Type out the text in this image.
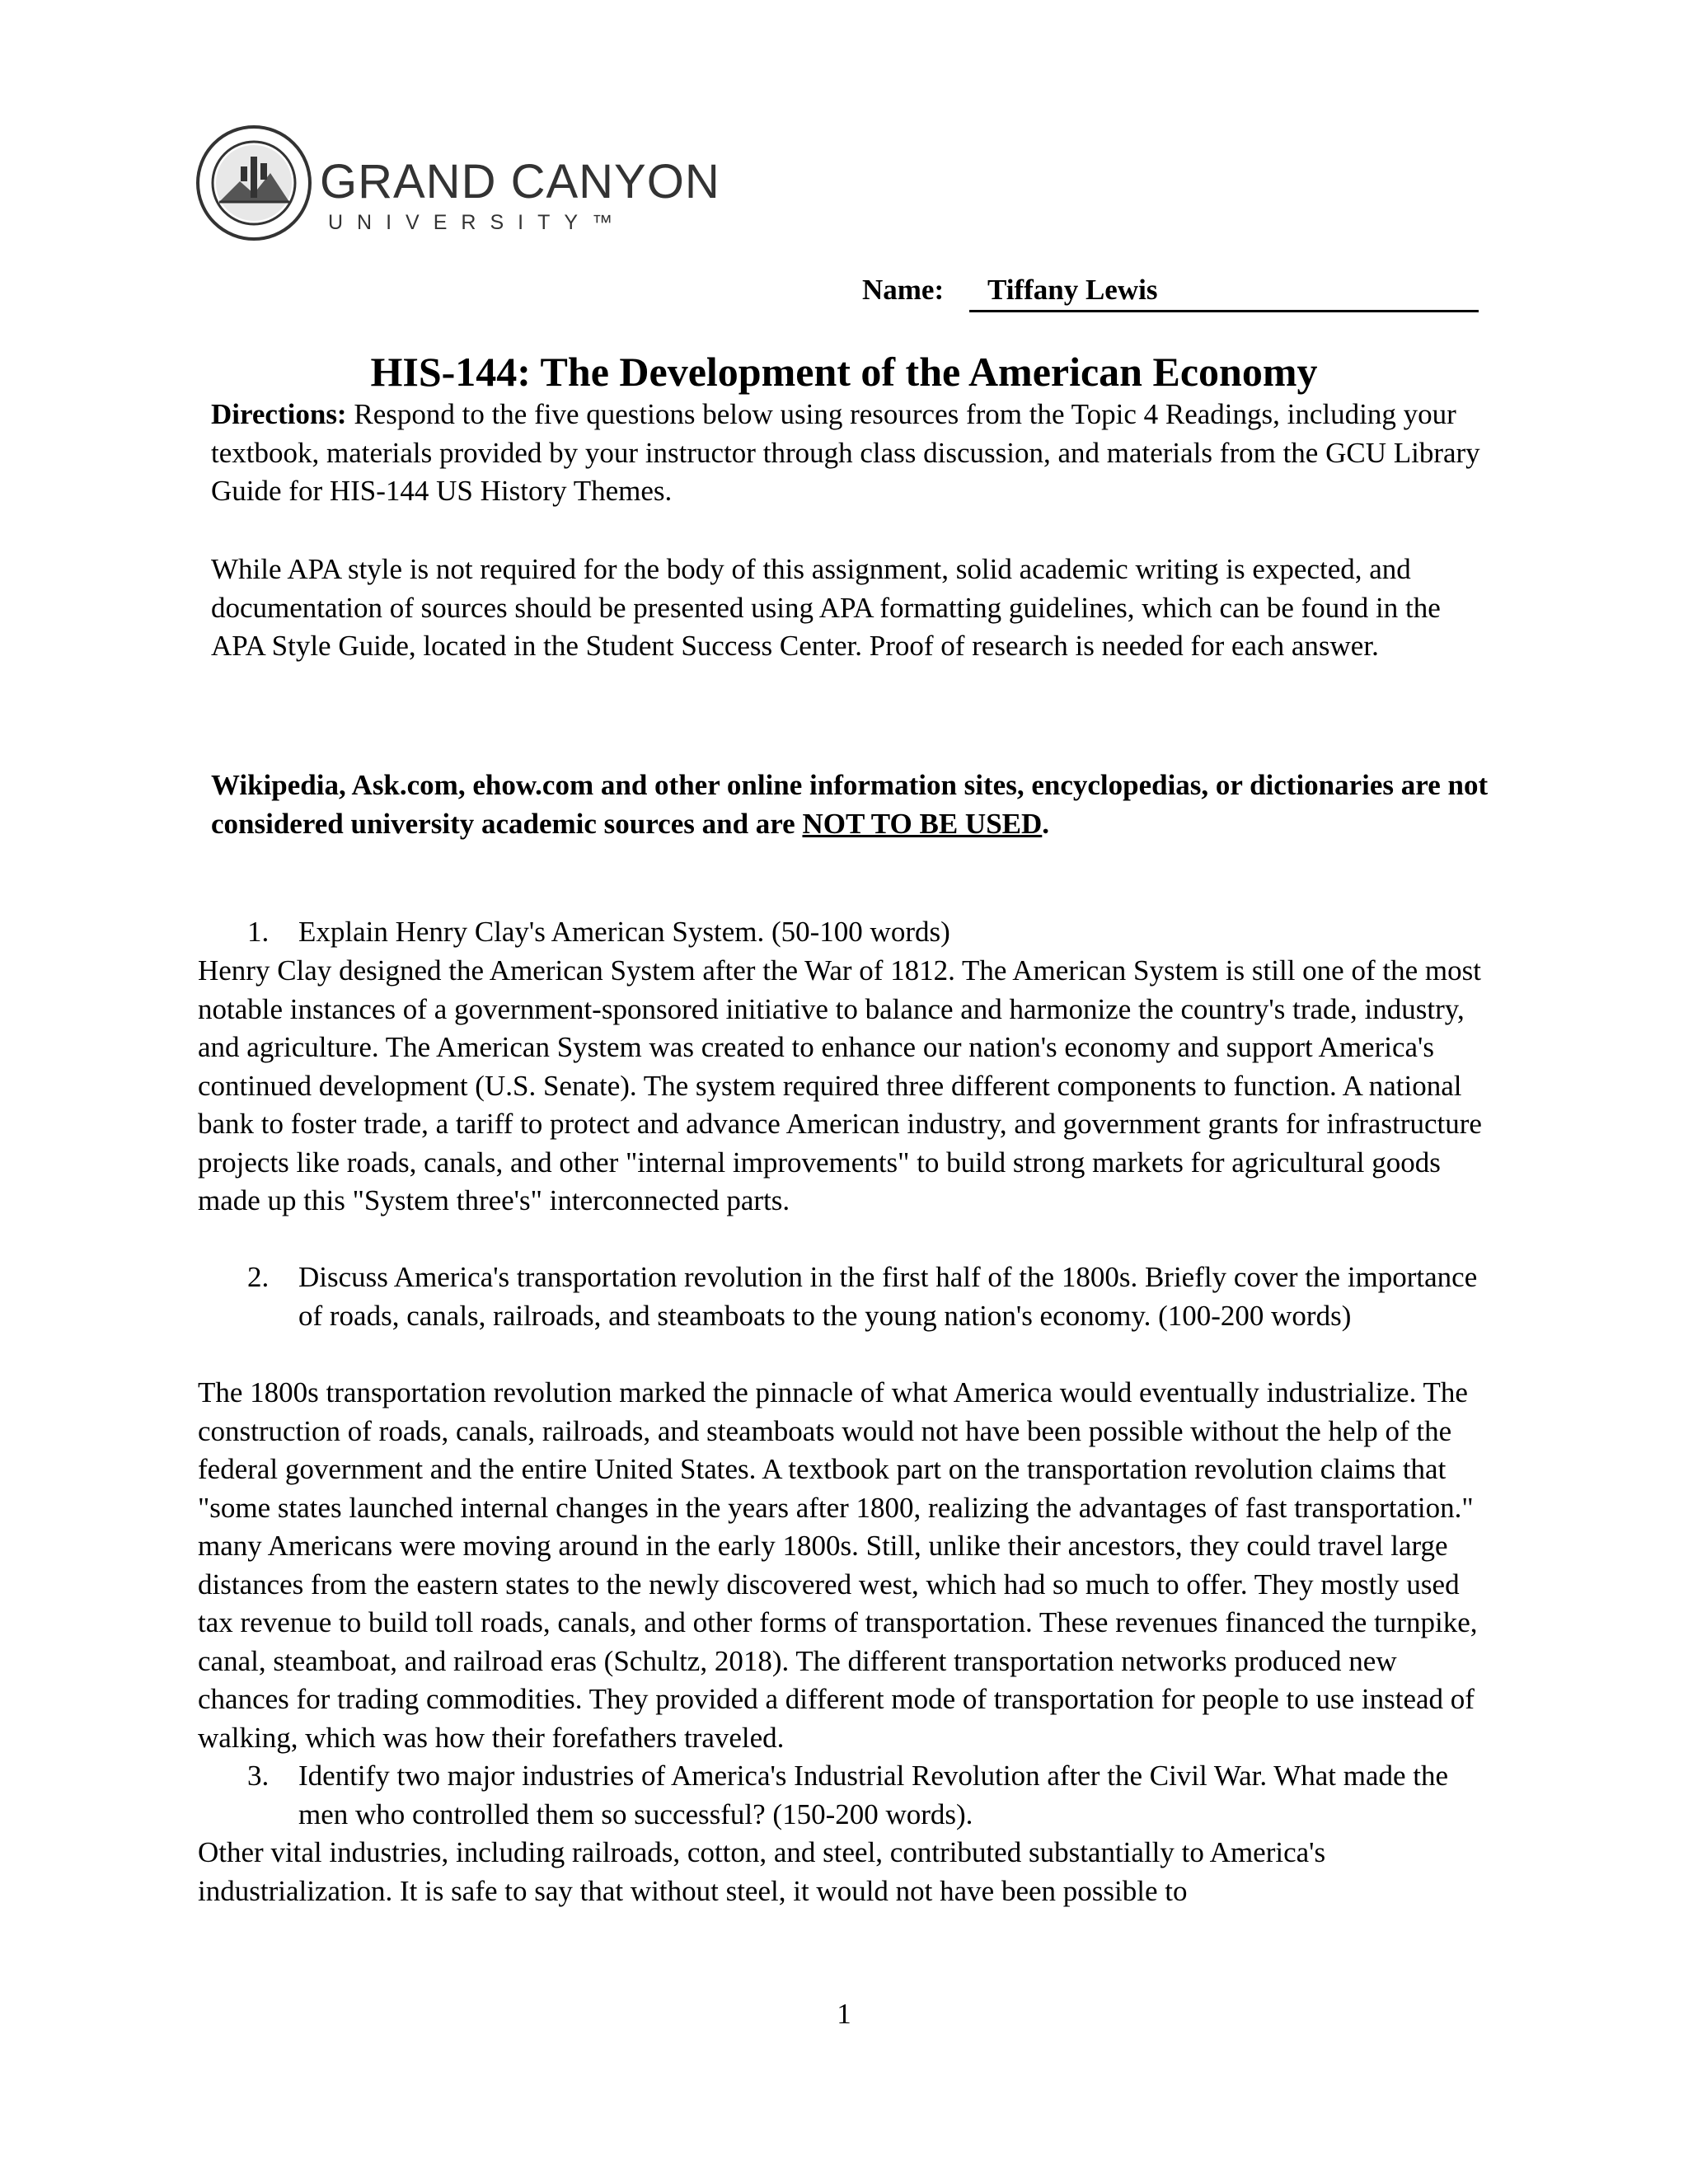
GRAND CANYON
UNIVERSITY™
Name:	Tiffany Lewis
HIS-144: The Development of the American Economy
Directions: Respond to the five questions below using resources from the Topic 4 Readings, including your textbook, materials provided by your instructor through class discussion, and materials from the GCU Library Guide for HIS-144 US History Themes.
While APA style is not required for the body of this assignment, solid academic writing is expected, and documentation of sources should be presented using APA formatting guidelines, which can be found in the APA Style Guide, located in the Student Success Center. Proof of research is needed for each answer.
Wikipedia, Ask.com, ehow.com and other online information sites, encyclopedias, or dictionaries are not considered university academic sources and are NOT TO BE USED.
1. Explain Henry Clay's American System. (50-100 words)
Henry Clay designed the American System after the War of 1812. The American System is still one of the most notable instances of a government-sponsored initiative to balance and harmonize the country's trade, industry, and agriculture. The American System was created to enhance our nation's economy and support America's continued development (U.S. Senate). The system required three different components to function. A national bank to foster trade, a tariff to protect and advance American industry, and government grants for infrastructure projects like roads, canals, and other "internal improvements" to build strong markets for agricultural goods made up this "System three's" interconnected parts.
2. Discuss America's transportation revolution in the first half of the 1800s. Briefly cover the importance of roads, canals, railroads, and steamboats to the young nation's economy. (100-200 words)
The 1800s transportation revolution marked the pinnacle of what America would eventually industrialize. The construction of roads, canals, railroads, and steamboats would not have been possible without the help of the federal government and the entire United States. A textbook part on the transportation revolution claims that "some states launched internal changes in the years after 1800, realizing the advantages of fast transportation." many Americans were moving around in the early 1800s. Still, unlike their ancestors, they could travel large distances from the eastern states to the newly discovered west, which had so much to offer. They mostly used tax revenue to build toll roads, canals, and other forms of transportation. These revenues financed the turnpike, canal, steamboat, and railroad eras (Schultz, 2018). The different transportation networks produced new chances for trading commodities. They provided a different mode of transportation for people to use instead of walking, which was how their forefathers traveled.
3. Identify two major industries of America's Industrial Revolution after the Civil War. What made the men who controlled them so successful? (150-200 words).
Other vital industries, including railroads, cotton, and steel, contributed substantially to America's industrialization. It is safe to say that without steel, it would not have been possible to
1
